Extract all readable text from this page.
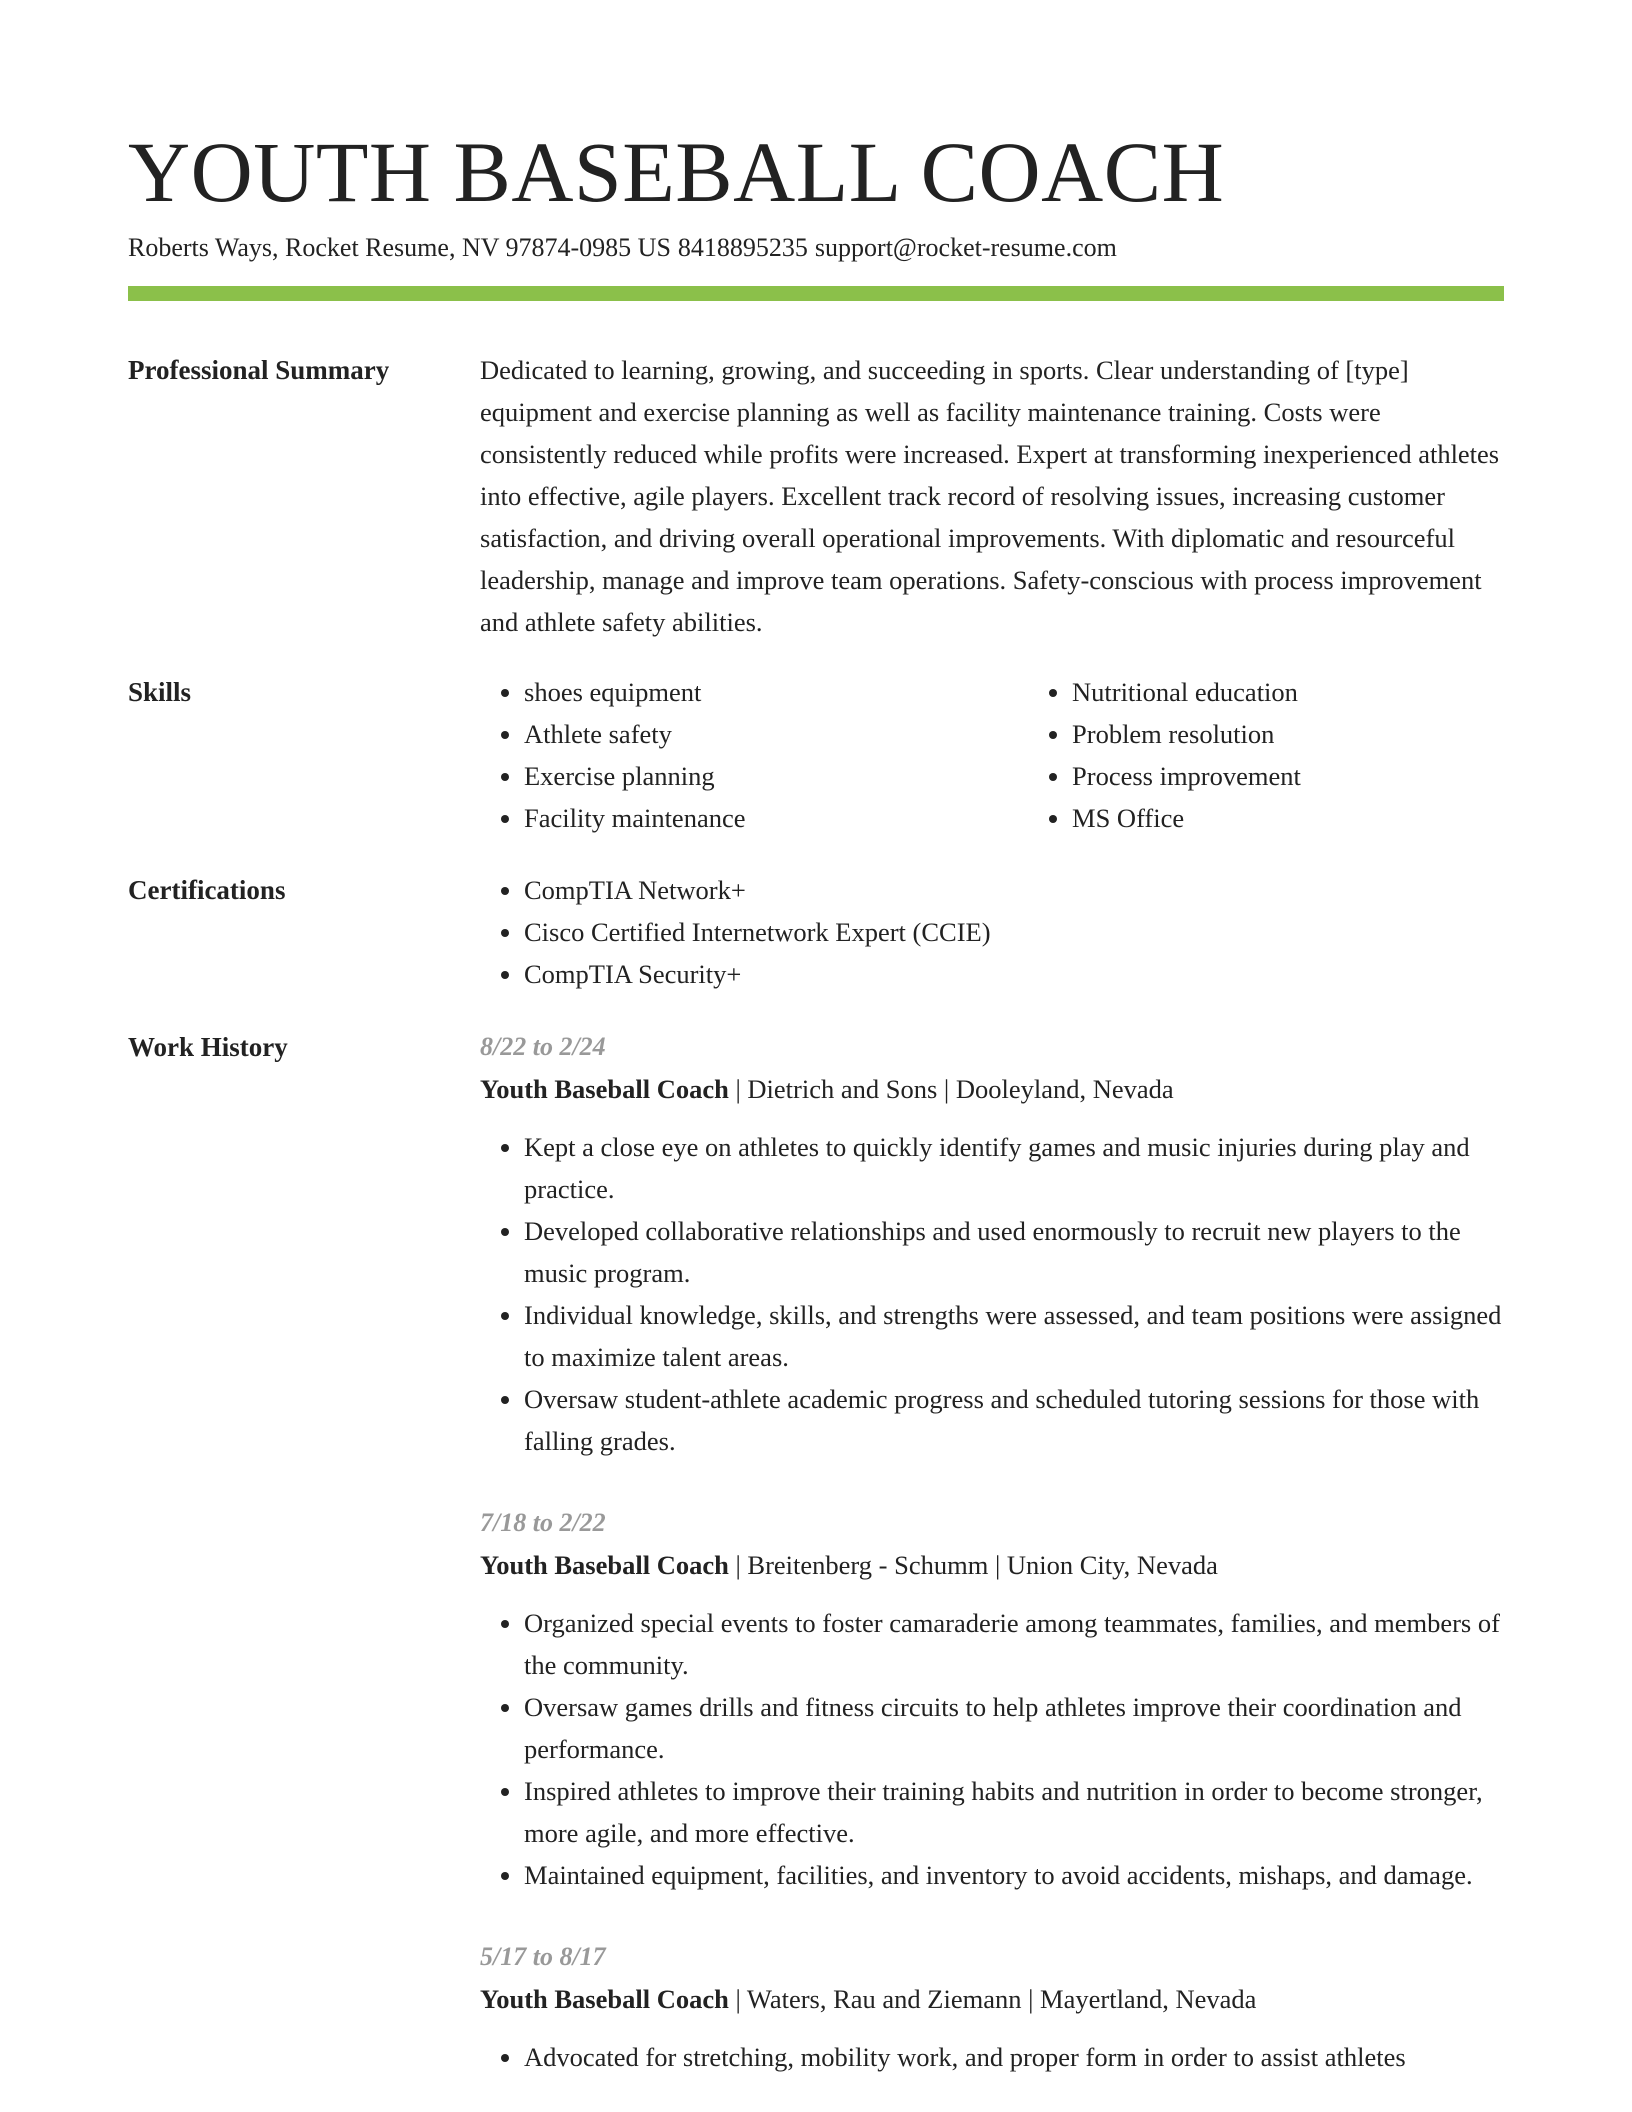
YOUTH BASEBALL COACH
Roberts Ways, Rocket Resume, NV 97874-0985 US 8418895235 support@rocket-resume.com
Professional Summary	Dedicated to learning, growing, and succeeding in sports. Clear understanding of [type] equipment and exercise planning as well as facility maintenance training. Costs were consistently reduced while profits were increased. Expert at transforming inexperienced athletes into effective, agile players. Excellent track record of resolving issues, increasing customer satisfaction, and driving overall operational improvements. With diplomatic and resourceful leadership, manage and improve team operations. Safety-conscious with process improvement and athlete safety abilities.

Skills	• shoes equipment
• Athlete safety
• Exercise planning
• Facility maintenance
• Nutritional education
• Problem resolution
• Process improvement
• MS Office
Certifications	• CompTIA Network+
• Cisco Certified Internetwork Expert (CCIE)
• CompTIA Security+
Work History	8/22 to 2/24
Youth Baseball Coach | Dietrich and Sons | Dooleyland, Nevada
• Kept a close eye on athletes to quickly identify games and music injuries during play and practice.
• Developed collaborative relationships and used enormously to recruit new players to the music program.
• Individual knowledge, skills, and strengths were assessed, and team positions were assigned to maximize talent areas.
• Oversaw student-athlete academic progress and scheduled tutoring sessions for those with falling grades.
7/18 to 2/22
Youth Baseball Coach | Breitenberg - Schumm | Union City, Nevada
• Organized special events to foster camaraderie among teammates, families, and members of the community.
• Oversaw games drills and fitness circuits to help athletes improve their coordination and performance.
• Inspired athletes to improve their training habits and nutrition in order to become stronger, more agile, and more effective.
• Maintained equipment, facilities, and inventory to avoid accidents, mishaps, and damage.
5/17 to 8/17
Youth Baseball Coach | Waters, Rau and Ziemann | Mayertland, Nevada
• Advocated for stretching, mobility work, and proper form in order to assist athletes
